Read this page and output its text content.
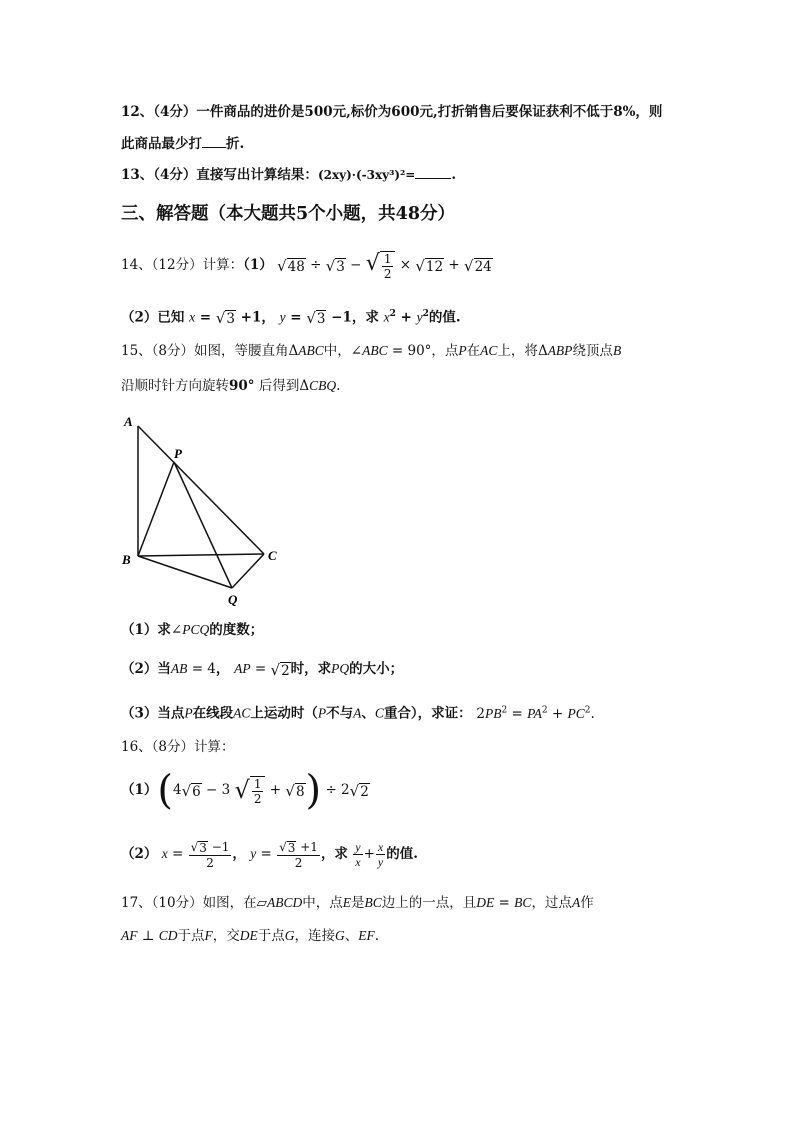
12、（4分）一件商品的进价是500元,标价为600元,打折销售后要保证获利不低于8%，则
此商品最少打 折.
13、（4分）直接写出计算结果：(2xy)·(-3xy³)²=	.
三、解答题（本大题共5个小题，共48分）
14、（12分）计算：（1） √ 48 ÷ √ 3 − √ $\frac{1}{2}$ × √ 12 + √ 24
（2）已知 x = √ 3 +1， y = √ 3 −1，求 $x^2 + y^2$的值.
15、（8分）如图，等腰直角ΔABC中，∠ABC = 90°，点P在AC上，将ΔABP绕顶点B
沿顺时针方向旋转90° 后得到ΔCBQ.
A
P
B	C
Q
（1）求∠PCQ的度数；
（2）当AB = 4， AP = √ 2 时，求PQ的大小；
（3）当点P在线段AC上运动时（P不与A、C重合），求证： $2PB^2 = PA^2 + PC^2$.
16、（8分）计算：
（1）(4 √ 6 − 3 √ $\frac{1}{2}$ + √ 8 ) ÷ 2 √ 2
（2） $x = \frac{√ 3 -1}{2}$ ， $y = \frac{√ 3 +1}{2}$ ，求 $\frac{y}{x} + \frac{x}{y}$ 的值.
17、（10分）如图，在▱ABCD中，点E是BC边上的一点，且DE = BC，过点A作
AF ⊥ CD于点F，交DE于点G，连接G、EF.
